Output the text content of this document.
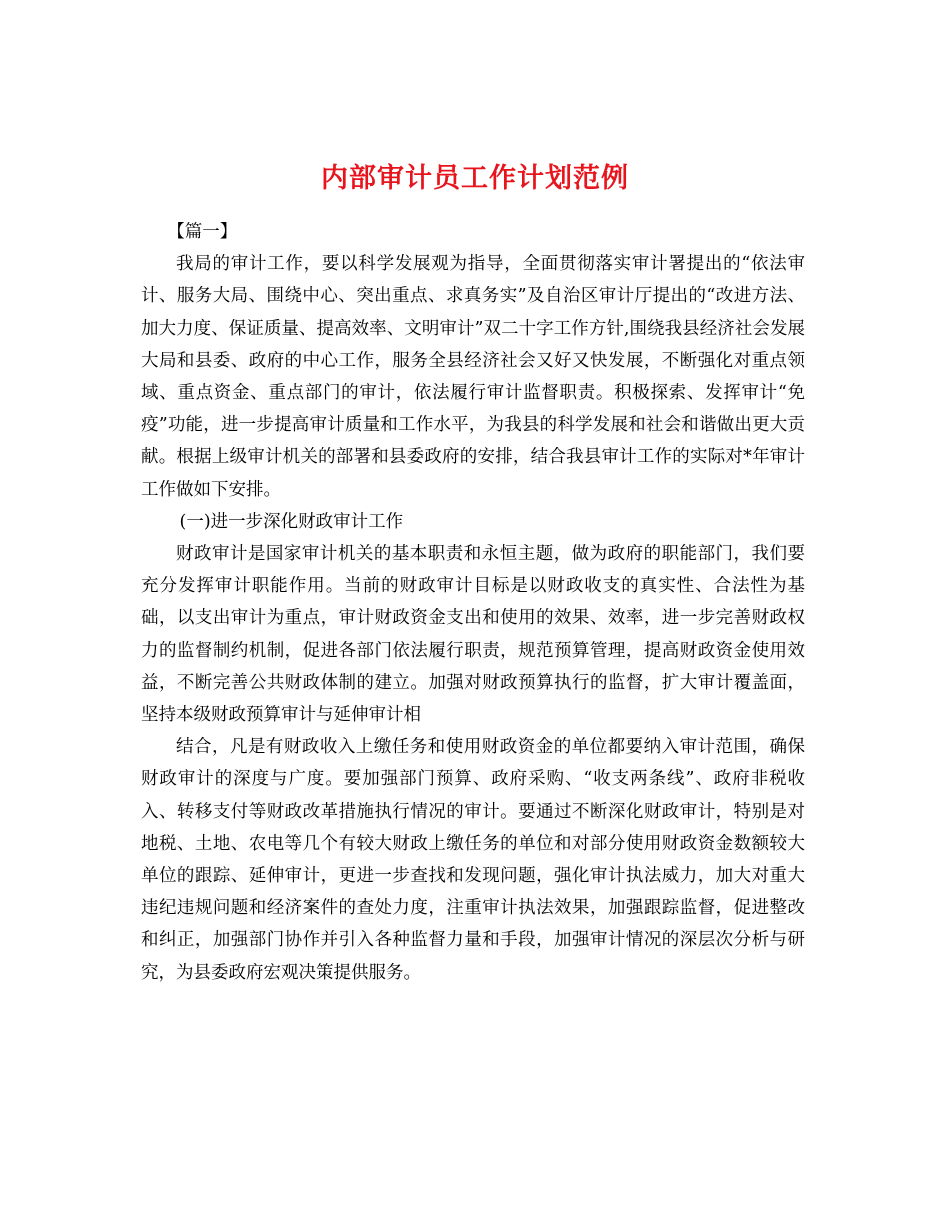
内部审计员工作计划范例

【篇一】

我局的审计工作，要以科学发展观为指导，全面贯彻落实审计署提出的“依法审计、服务大局、围绕中心、突出重点、求真务实”及自治区审计厅提出的“改进方法、加大力度、保证质量、提高效率、文明审计”双二十字工作方针,围绕我县经济社会发展大局和县委、政府的中心工作，服务全县经济社会又好又快发展，不断强化对重点领域、重点资金、重点部门的审计，依法履行审计监督职责。积极探索、发挥审计“免疫”功能，进一步提高审计质量和工作水平，为我县的科学发展和社会和谐做出更大贡献。根据上级审计机关的部署和县委政府的安排，结合我县审计工作的实际对*年审计工作做如下安排。

(一)进一步深化财政审计工作

财政审计是国家审计机关的基本职责和永恒主题，做为政府的职能部门，我们要充分发挥审计职能作用。当前的财政审计目标是以财政收支的真实性、合法性为基础，以支出审计为重点，审计财政资金支出和使用的效果、效率，进一步完善财政权力的监督制约机制，促进各部门依法履行职责，规范预算管理，提高财政资金使用效益，不断完善公共财政体制的建立。加强对财政预算执行的监督，扩大审计覆盖面，坚持本级财政预算审计与延伸审计相

结合，凡是有财政收入上缴任务和使用财政资金的单位都要纳入审计范围，确保财政审计的深度与广度。要加强部门预算、政府采购、“收支两条线”、政府非税收入、转移支付等财政改革措施执行情况的审计。要通过不断深化财政审计，特别是对地税、土地、农电等几个有较大财政上缴任务的单位和对部分使用财政资金数额较大单位的跟踪、延伸审计，更进一步查找和发现问题，强化审计执法威力，加大对重大违纪违规问题和经济案件的查处力度，注重审计执法效果，加强跟踪监督，促进整改和纠正，加强部门协作并引入各种监督力量和手段，加强审计情况的深层次分析与研究，为县委政府宏观决策提供服务。
